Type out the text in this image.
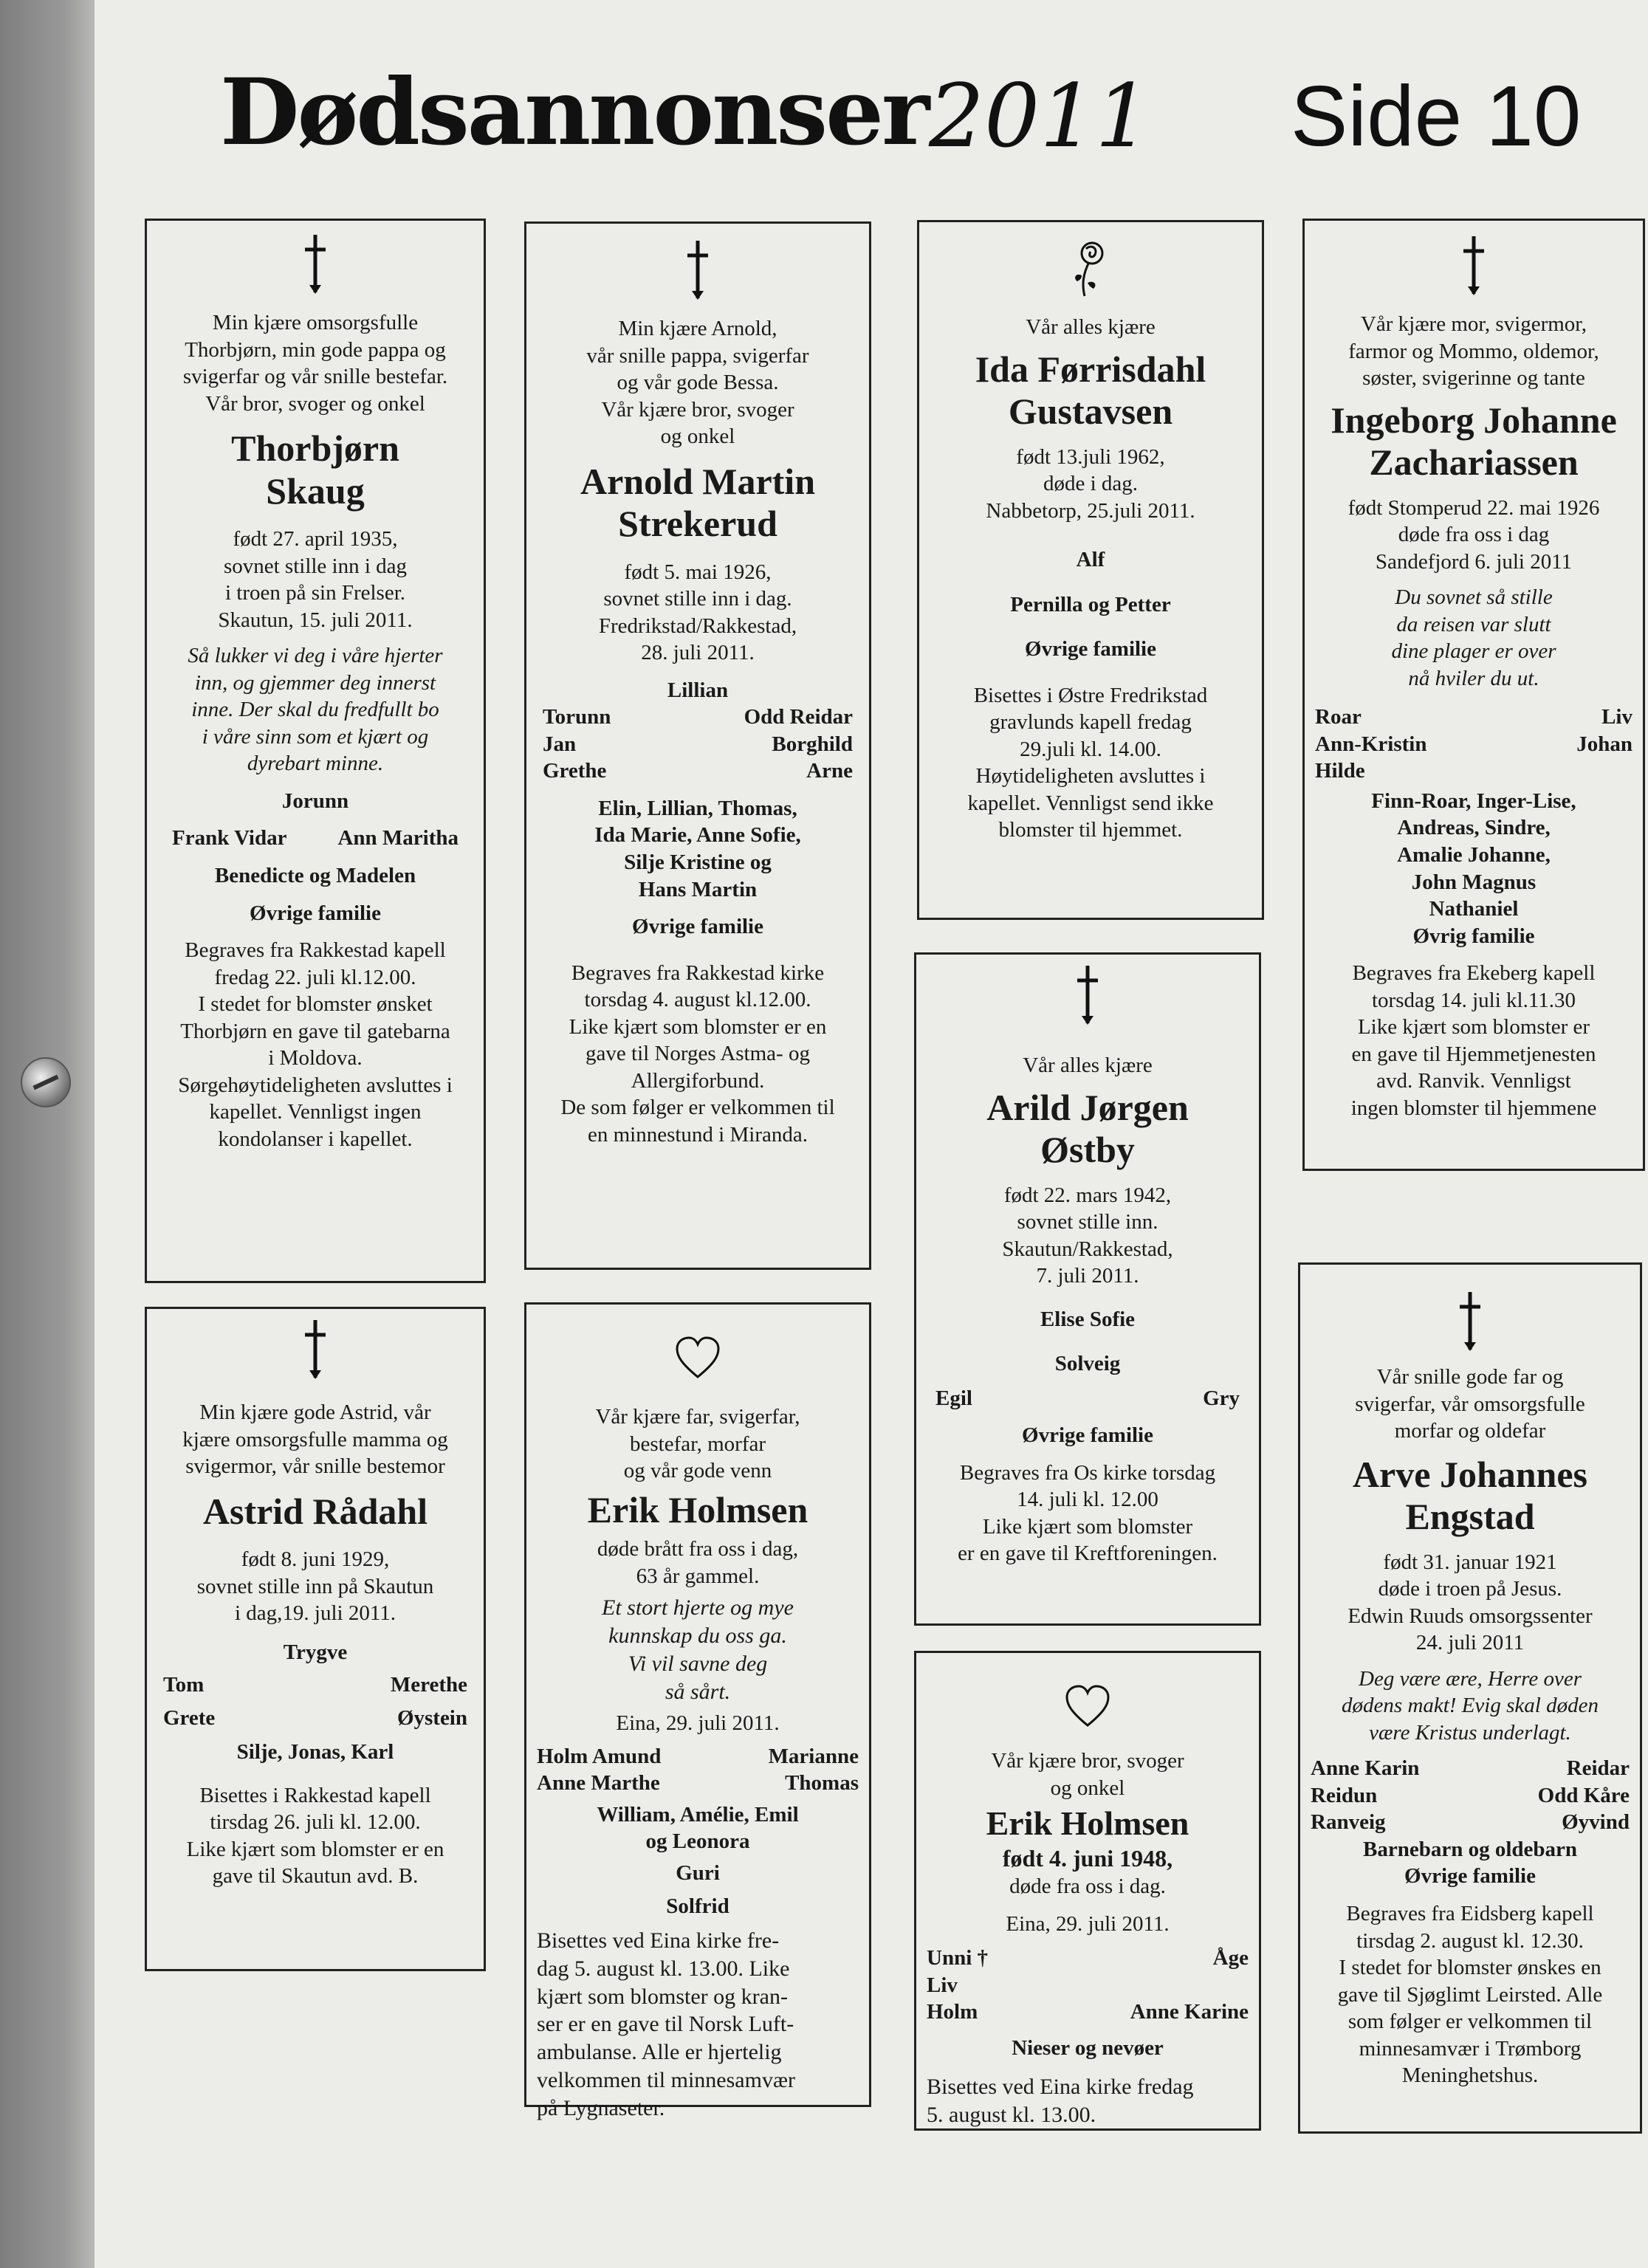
Dødsannonser 2011 Side 10
Min kjære omsorgsfulle
Thorbjørn, min gode pappa og
svigerfar og vår snille bestefar.
Vår bror, svoger og onkel
Thorbjørn
Skaug
født 27. april 1935,
sovnet stille inn i dag
i troen på sin Frelser.
Skautun, 15. juli 2011.
Så lukker vi deg i våre hjerter
inn, og gjemmer deg innerst
inne. Der skal du fredfullt bo
i våre sinn som et kjært og
dyrebart minne.
Jorunn
Frank Vidar Ann Maritha
Benedicte og Madelen
Øvrige familie
Begraves fra Rakkestad kapell
fredag 22. juli kl.12.00.
I stedet for blomster ønsket
Thorbjørn en gave til gatebarna
i Moldova.
Sørgehøytideligheten avsluttes i
kapellet. Vennligst ingen
kondolanser i kapellet.
Min kjære Arnold,
vår snille pappa, svigerfar
og vår gode Bessa.
Vår kjære bror, svoger
og onkel
Arnold Martin
Strekerud
født 5. mai 1926,
sovnet stille inn i dag.
Fredrikstad/Rakkestad,
28. juli 2011.
Lillian
Torunn	Odd Reidar
Jan	Borghild
Grethe	Arne
Elin, Lillian, Thomas,
Ida Marie, Anne Sofie,
Silje Kristine og
Hans Martin
Øvrige familie
Begraves fra Rakkestad kirke
torsdag 4. august kl.12.00.
Like kjært som blomster er en
gave til Norges Astma- og
Allergiforbund.
De som følger er velkommen til
en minnestund i Miranda.
Vår alles kjære
Ida Førrisdahl
Gustavsen
født 13.juli 1962,
døde i dag.
Nabbetorp, 25.juli 2011.
Alf
Pernilla og Petter
Øvrige familie
Bisettes i Østre Fredrikstad
gravlunds kapell fredag
29.juli kl. 14.00.
Høytideligheten avsluttes i
kapellet. Vennligst send ikke
blomster til hjemmet.
Vår kjære mor, svigermor,
farmor og Mommo, oldemor,
søster, svigerinne og tante
Ingeborg Johanne
Zachariassen
født Stomperud 22. mai 1926
døde fra oss i dag
Sandefjord 6. juli 2011
Du sovnet så stille
da reisen var slutt
dine plager er over
nå hviler du ut.
Roar	Liv
Ann-Kristin	Johan
Hilde
Finn-Roar, Inger-Lise,
Andreas, Sindre,
Amalie Johanne,
John Magnus
Nathaniel
Øvrig familie
Begraves fra Ekeberg kapell
torsdag 14. juli kl.11.30
Like kjært som blomster er
en gave til Hjemmetjenesten
avd. Ranvik. Vennligst
ingen blomster til hjemmene
Vår alles kjære
Arild Jørgen
Østby
født 22. mars 1942,
sovnet stille inn.
Skautun/Rakkestad,
7. juli 2011.
Elise Sofie
Solveig
Egil	Gry
Øvrige familie
Begraves fra Os kirke torsdag
14. juli kl. 12.00
Like kjært som blomster
er en gave til Kreftforeningen.
Min kjære gode Astrid, vår
kjære omsorgsfulle mamma og
svigermor, vår snille bestemor
Astrid Rådahl
født 8. juni 1929,
sovnet stille inn på Skautun
i dag,19. juli 2011.
Trygve
Tom	Merethe
Grete	Øystein
Silje, Jonas, Karl
Bisettes i Rakkestad kapell
tirsdag 26. juli kl. 12.00.
Like kjært som blomster er en
gave til Skautun avd. B.
Vår kjære far, svigerfar,
bestefar, morfar
og vår gode venn
Erik Holmsen
døde brått fra oss i dag,
63 år gammel.
Et stort hjerte og mye
kunnskap du oss ga.
Vi vil savne deg
så sårt.
Eina, 29. juli 2011.
Holm Amund	Marianne
Anne Marthe	Thomas
William, Amélie, Emil
og Leonora
Guri
Solfrid
Bisettes ved Eina kirke fre-
dag 5. august kl. 13.00. Like
kjært som blomster og kran-
ser er en gave til Norsk Luft-
ambulanse. Alle er hjertelig
velkommen til minnesamvær
på Lygnaseter.
Vår kjære bror, svoger
og onkel
Erik Holmsen
født 4. juni 1948,
døde fra oss i dag.
Eina, 29. juli 2011.
Unni †	Åge
Liv
Holm	Anne Karine
Nieser og nevøer
Bisettes ved Eina kirke fredag
5. august kl. 13.00.
Vår snille gode far og
svigerfar, vår omsorgsfulle
morfar og oldefar
Arve Johannes
Engstad
født 31. januar 1921
døde i troen på Jesus.
Edwin Ruuds omsorgssenter
24. juli 2011
Deg være ære, Herre over
dødens makt! Evig skal døden
være Kristus underlagt.
Anne Karin	Reidar
Reidun	Odd Kåre
Ranveig	Øyvind
Barnebarn og oldebarn
Øvrige familie
Begraves fra Eidsberg kapell
tirsdag 2. august kl. 12.30.
I stedet for blomster ønskes en
gave til Sjøglimt Leirsted. Alle
som følger er velkommen til
minnesamvær i Trømborg
Meninghetshus.
